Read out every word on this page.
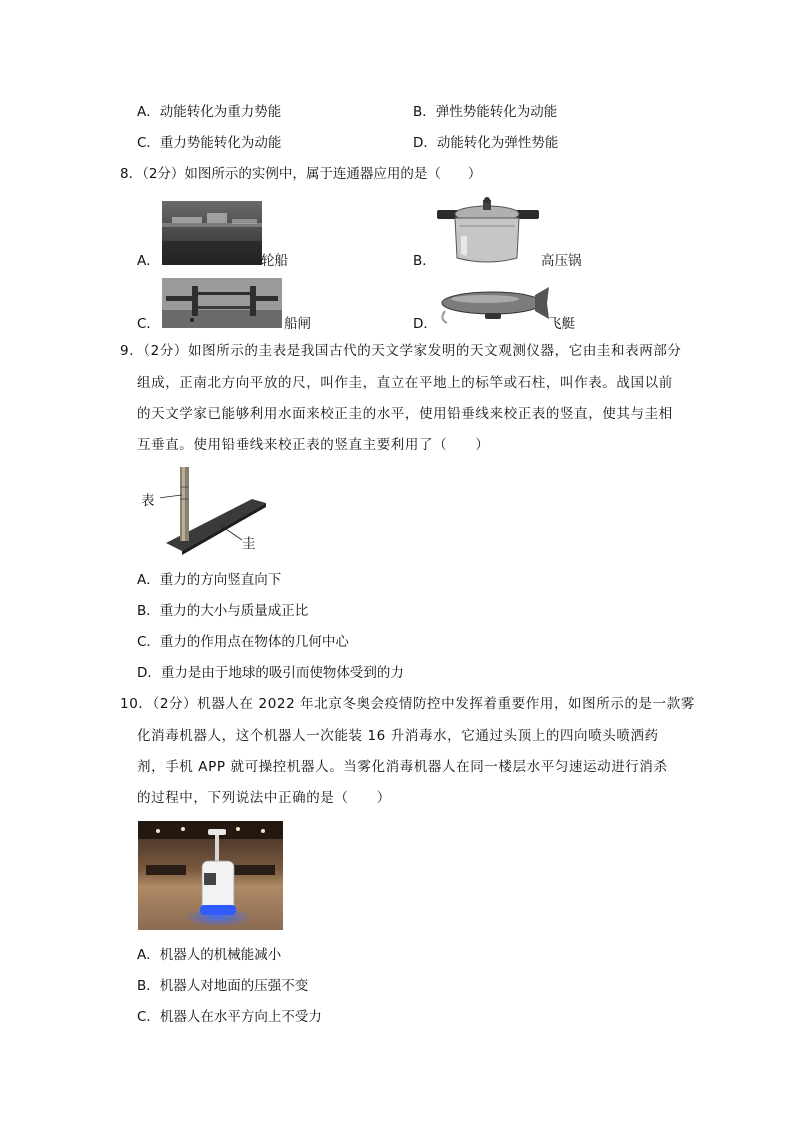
A．动能转化为重力势能	B．弹性势能转化为动能
C．重力势能转化为动能	D．动能转化为弹性势能
8．（2分）如图所示的实例中，属于连通器应用的是（　　）
A．	轮船	B．	高压锅
C．	船闸	D．	飞艇
9．（2分）如图所示的圭表是我国古代的天文学家发明的天文观测仪器，它由圭和表两部分
组成，正南北方向平放的尺，叫作圭，直立在平地上的标竿或石柱，叫作表。战国以前的天文学家已能够利用水面来校正圭的水平，使用铅垂线来校正表的竖直，使其与圭相互垂直。使用铅垂线来校正表的竖直主要利用了（　　）
表
圭
A．重力的方向竖直向下
B．重力的大小与质量成正比
C．重力的作用点在物体的几何中心
D．重力是由于地球的吸引而使物体受到的力
10．（2分）机器人在 2022 年北京冬奥会疫情防控中发挥着重要作用，如图所示的是一款雾
化消毒机器人，这个机器人一次能装 16 升消毒水，它通过头顶上的四向喷头喷洒药剂，手机 APP 就可操控机器人。当雾化消毒机器人在同一楼层水平匀速运动进行消杀的过程中，下列说法中正确的是（　　）
A．机器人的机械能减小
B．机器人对地面的压强不变
C．机器人在水平方向上不受力
